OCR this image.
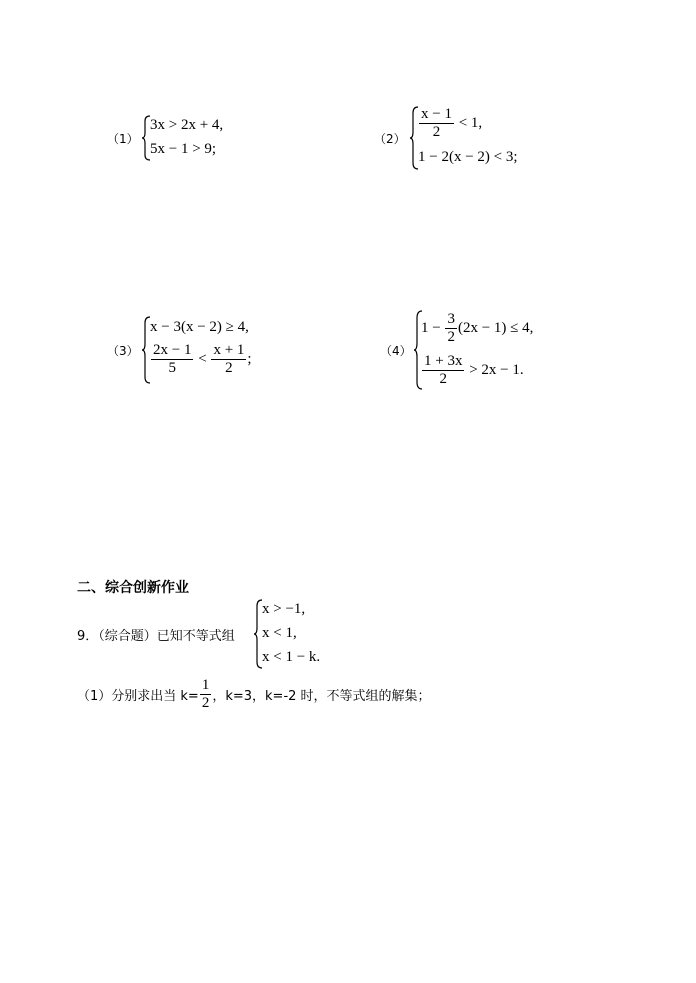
（1）
3x > 2x + 4,
5x − 1 > 9;
$(2) \frac{x - 1}{2} < 1$,
1 − 2(x − 2) < 3;
（3）
x − 3(x − 2) ≥ 4,
$\frac{2x - 1}{5} < \frac{x + 1}{2}$ ;	（4）
$1 - \frac{3}{2} (2x - 1) \le 4$,
$\frac{1 + 3x}{2} > 2x - 1$.
二、综合创新作业
9．（综合题）已知不等式组
x > −1,
x < 1,
x < 1 − k.
（1）分别求出当 $k= \frac{1}{2}$ ，k=3，k=-2 时，不等式组的解集；
